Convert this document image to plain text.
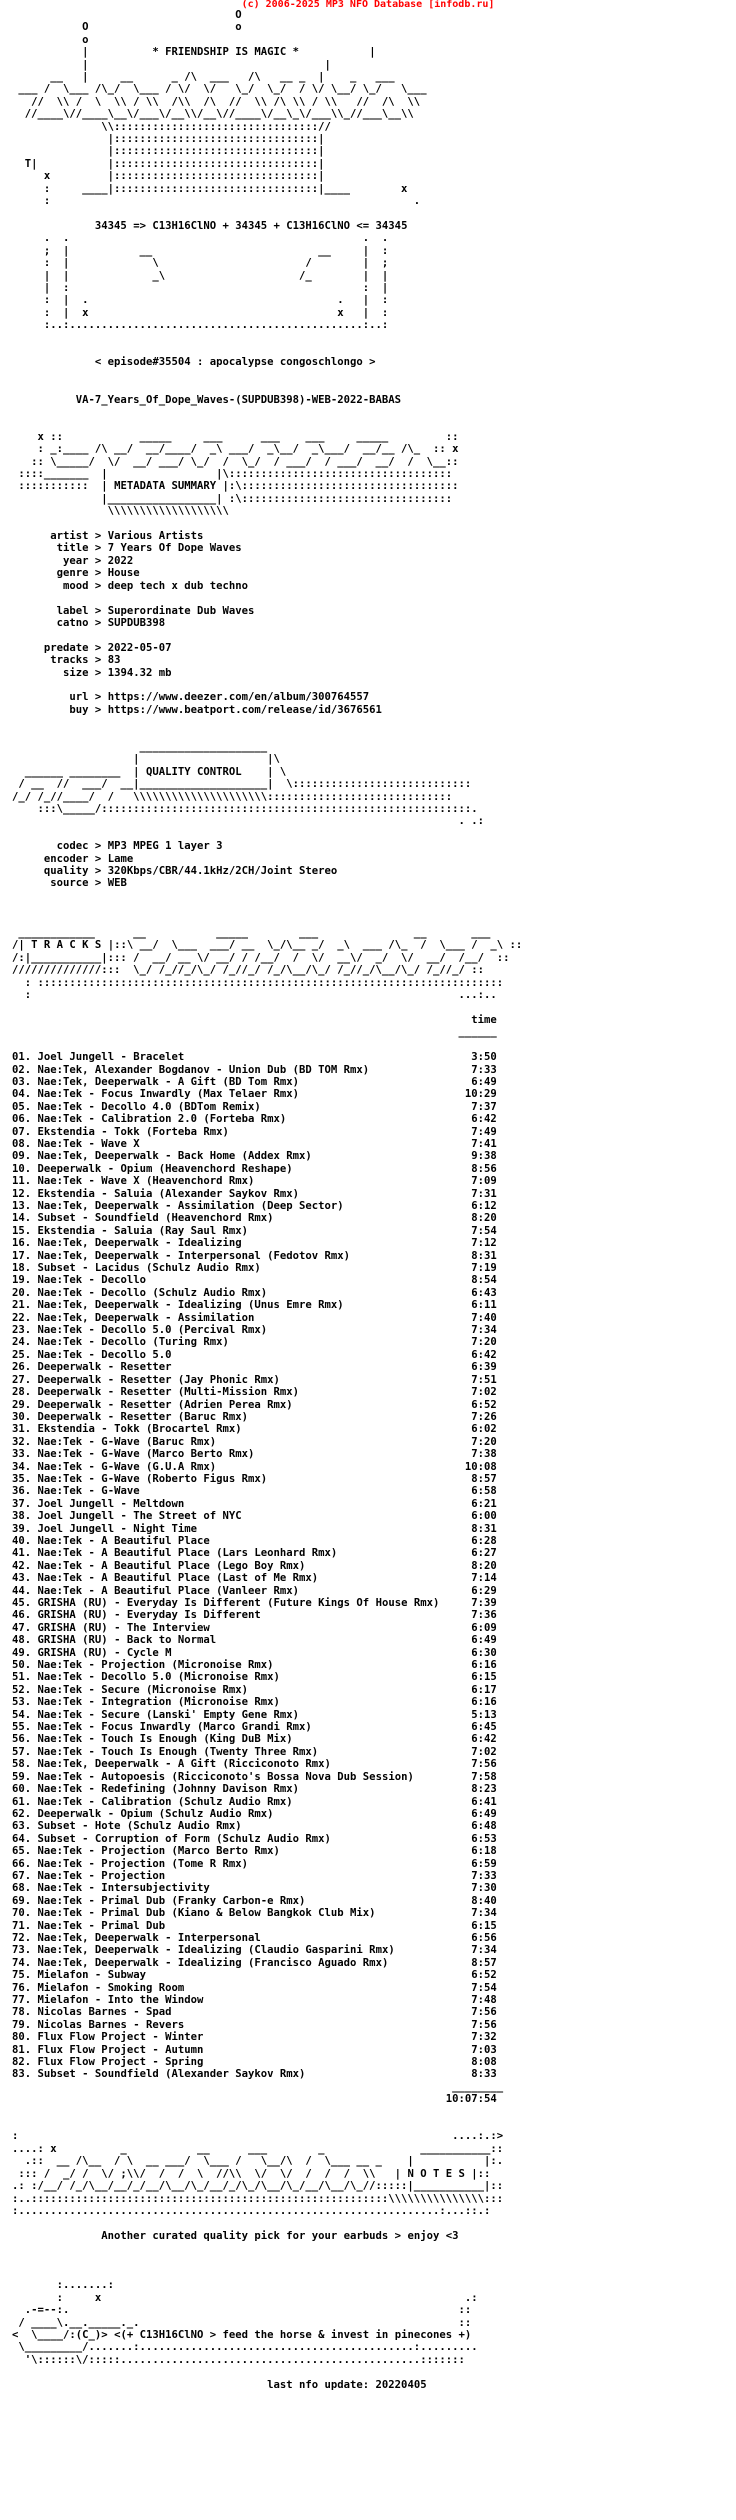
(c) 2006-2025 MP3 NFO Database [infodb.ru]
O
O                       o
o
|          * FRIENDSHIP IS MAGIC *	|
|                                     |
__   |     __      _ /\  ___   /\   __ _  |    _   ___
___ /  \___ /\_/  \___ / \/  \/   \_/  \_/  / \/ \__/ \_/   \___
//  \\ /  \  \\ / \\  /\\  /\  //  \\ /\ \\ / \\   //  /\  \\
//____\//____\__\/___\/__\\/__\//____\/__\_\/___\\_//___\__\\
\\:::::::::::::::::::::::::::::::://
|::::::::::::::::::::::::::::::::|
|::::::::::::::::::::::::::::::::|
T|           |::::::::::::::::::::::::::::::::|
x         |::::::::::::::::::::::::::::::::|
:     ____|::::::::::::::::::::::::::::::::|____        x
:                                                         .

34345 => C13H16ClNO + 34345 + C13H16ClNO <= 34345
.  .                                              .  .
;  |           __                          __     |  :
:  |             \                       /        |  ;
|  |             _\                     /_        |  |
|  :                                              :  |
:  |  .                                       .   |  :
:  |  x                                       x   |  :
:..:..............................................:..:

< episode#35504 : apocalypse congoschlongo >

VA-7_Years_Of_Dope_Waves-(SUPDUB398)-WEB-2022-BABAS

x ::            _____     ___      ___    ___     _____         ::
: _:____ /\ __/  __/____/  _\ ___/  _\__/  _\___/  __/__ /\_  :: x
:: \_____/  \/  __/ ___/ \_/  /  \_/  / ___/  / ___/  __/  /  \__::
::::_______  |                 |\:::::::::::::::::::::::::::::::::::
:::::::::::  | METADATA SUMMARY |:\::::::::::::::::::::::::::::::::::
|_________________| :\:::::::::::::::::::::::::::::::::
\\\\\\\\\\\\\\\\\\\

artist > Various Artists
title > 7 Years Of Dope Waves
year > 2022
genre > House
mood > deep tech x dub techno

label > Superordinate Dub Waves
catno > SUPDUB398

predate > 2022-05-07
tracks > 83
size > 1394.32 mb

url > https://www.deezer.com/en/album/300764557
buy > https://www.beatport.com/release/id/3676561

____________________
|                    |\
______ ________  | QUALITY CONTROL    | \
/ __  //  ___/  __|____________________|  \::::::::::::::::::::::::::::
/_/ /_//____/  /   \\\\\\\\\\\\\\\\\\\\\:::::::::::::::::::::::::::::
:::\_____/::::::::::::::::::::::::::::::::::::::::::::::::::::::::::.
. .:

codec > MP3 MPEG 1 layer 3
encoder > Lame
quality > 320Kbps/CBR/44.1kHz/2CH/Joint Stereo
source > WEB

____________      __           _____        ___               __       ___
/| T R A C K S |::\ __/  \___  ___/ __  \_/\__ _/  _\  ___ /\_  /  \___ /  _\ ::
/:|___________|::: /  __/ __ \/ __/ / /__/  /  \/  __\/  _/  \/  __/  /__/  ::
//////////////:::  \_/ /_//_/\_/ /_//_/ /_/\__/\_/ /_//_/\__/\_/ /_//_/ ::
: :::::::::::::::::::::::::::::::::::::::::::::::::::::::::::::::::::::::::
:                                                                   ...:..

time
______

01. Joel Jungell - Bracelet	3:50
02. Nae:Tek, Alexander Bogdanov - Union Dub (BD TOM Rmx)	7:33
03. Nae:Tek, Deeperwalk - A Gift (BD Tom Rmx)	6:49
04. Nae:Tek - Focus Inwardly (Max Telaer Rmx)	10:29
05. Nae:Tek - Decollo 4.0 (BDTom Remix)	7:37
06. Nae:Tek - Calibration 2.0 (Forteba Rmx)	6:42
07. Ekstendia - Tokk (Forteba Rmx)	7:49
08. Nae:Tek - Wave X	7:41
09. Nae:Tek, Deeperwalk - Back Home (Addex Rmx)	9:38
10. Deeperwalk - Opium (Heavenchord Reshape)	8:56
11. Nae:Tek - Wave X (Heavenchord Rmx)	7:09
12. Ekstendia - Saluia (Alexander Saykov Rmx)	7:31
13. Nae:Tek, Deeperwalk - Assimilation (Deep Sector)	6:12
14. Subset - Soundfield (Heavenchord Rmx)	8:20
15. Ekstendia - Saluia (Ray Saul Rmx)	7:54
16. Nae:Tek, Deeperwalk - Idealizing	7:12
17. Nae:Tek, Deeperwalk - Interpersonal (Fedotov Rmx)	8:31
18. Subset - Lacidus (Schulz Audio Rmx)	7:19
19. Nae:Tek - Decollo	8:54
20. Nae:Tek - Decollo (Schulz Audio Rmx)	6:43
21. Nae:Tek, Deeperwalk - Idealizing (Unus Emre Rmx)	6:11
22. Nae:Tek, Deeperwalk - Assimilation	7:40
23. Nae:Tek - Decollo 5.0 (Percival Rmx)	7:34
24. Nae:Tek - Decollo (Turing Rmx)	7:20
25. Nae:Tek - Decollo 5.0	6:42
26. Deeperwalk - Resetter	6:39
27. Deeperwalk - Resetter (Jay Phonic Rmx)	7:51
28. Deeperwalk - Resetter (Multi-Mission Rmx)	7:02
29. Deeperwalk - Resetter (Adrien Perea Rmx)	6:52
30. Deeperwalk - Resetter (Baruc Rmx)	7:26
31. Ekstendia - Tokk (Brocartel Rmx)	6:02
32. Nae:Tek - G-Wave (Baruc Rmx)	7:20
33. Nae:Tek - G-Wave (Marco Berto Rmx)	7:38
34. Nae:Tek - G-Wave (G.U.A Rmx)	10:08
35. Nae:Tek - G-Wave (Roberto Figus Rmx)	8:57
36. Nae:Tek - G-Wave	6:58
37. Joel Jungell - Meltdown	6:21
38. Joel Jungell - The Street of NYC	6:00
39. Joel Jungell - Night Time	8:31
40. Nae:Tek - A Beautiful Place	6:28
41. Nae:Tek - A Beautiful Place (Lars Leonhard Rmx)	6:27
42. Nae:Tek - A Beautiful Place (Lego Boy Rmx)	8:20
43. Nae:Tek - A Beautiful Place (Last of Me Rmx)	7:14
44. Nae:Tek - A Beautiful Place (Vanleer Rmx)	6:29
45. GRISHA (RU) - Everyday Is Different (Future Kings Of House Rmx)	7:39
46. GRISHA (RU) - Everyday Is Different	7:36
47. GRISHA (RU) - The Interview	6:09
48. GRISHA (RU) - Back to Normal	6:49
49. GRISHA (RU) - Cycle M	6:30
50. Nae:Tek - Projection (Micronoise Rmx)	6:16
51. Nae:Tek - Decollo 5.0 (Micronoise Rmx)	6:15
52. Nae:Tek - Secure (Micronoise Rmx)	6:17
53. Nae:Tek - Integration (Micronoise Rmx)	6:16
54. Nae:Tek - Secure (Lanski' Empty Gene Rmx)	5:13
55. Nae:Tek - Focus Inwardly (Marco Grandi Rmx)	6:45
56. Nae:Tek - Touch Is Enough (King DuB Mix)	6:42
57. Nae:Tek - Touch Is Enough (Twenty Three Rmx)	7:02
58. Nae:Tek, Deeperwalk - A Gift (Ricciconoto Rmx)	7:56
59. Nae:Tek - Autopoesis (Ricciconoto's Bossa Nova Dub Session)	7:58
60. Nae:Tek - Redefining (Johnny Davison Rmx)	8:23
61. Nae:Tek - Calibration (Schulz Audio Rmx)	6:41
62. Deeperwalk - Opium (Schulz Audio Rmx)	6:49
63. Subset - Hote (Schulz Audio Rmx)	6:48
64. Subset - Corruption of Form (Schulz Audio Rmx)	6:53
65. Nae:Tek - Projection (Marco Berto Rmx)	6:18
66. Nae:Tek - Projection (Tome R Rmx)	6:59
67. Nae:Tek - Projection	7:33
68. Nae:Tek - Intersubjectivity	7:30
69. Nae:Tek - Primal Dub (Franky Carbon-e Rmx)	8:40
70. Nae:Tek - Primal Dub (Kiano & Below Bangkok Club Mix)	7:34
71. Nae:Tek - Primal Dub	6:15
72. Nae:Tek, Deeperwalk - Interpersonal	6:56
73. Nae:Tek, Deeperwalk - Idealizing (Claudio Gasparini Rmx)	7:34
74. Nae:Tek, Deeperwalk - Idealizing (Francisco Aguado Rmx)	8:57
75. Mielafon - Subway	6:52
76. Mielafon - Smoking Room	7:54
77. Mielafon - Into the Window	7:48
78. Nicolas Barnes - Spad	7:56
79. Nicolas Barnes - Revers	7:56
80. Flux Flow Project - Winter	7:32
81. Flux Flow Project - Autumn	7:03
82. Flux Flow Project - Spring	8:08
83. Subset - Soundfield (Alexander Saykov Rmx)	8:33
________
10:07:54

:                                                                    ....:.:>
....: x          _           __      ___        _               ___________::
.::  __ /\__  / \  __ ___/  \___ /   \__/\  /  \___ __ _    |           |:.
::: /  _/ /  \/ ;\\/  /  /  \  //\\  \/  \/  /  /  /  \\   | N O T E S |::
.: :/__/ /_/\__/__/_/__/\__/\_/__/_/\_/\__/\_/__/\__/\_//:::::|___________|::
:..::::::::::::::::::::::::::::::::::::::::::::::::::::::::\\\\\\\\\\\\\\\:::
:..................................................................:...::.:

Another curated quality pick for your earbuds > enjoy <3

:.......:
:     x                                                         .:
.-=--:.                                                             ::
/ ____\.__._____._.                                                  ::
<  \____/:(C_)> <(+ C13H16ClNO > feed the horse & invest in pinecones +)
\_________/.......:...........................................:.........
'\::::::\/:::::...............................................:::::::

last nfo update: 20220405
